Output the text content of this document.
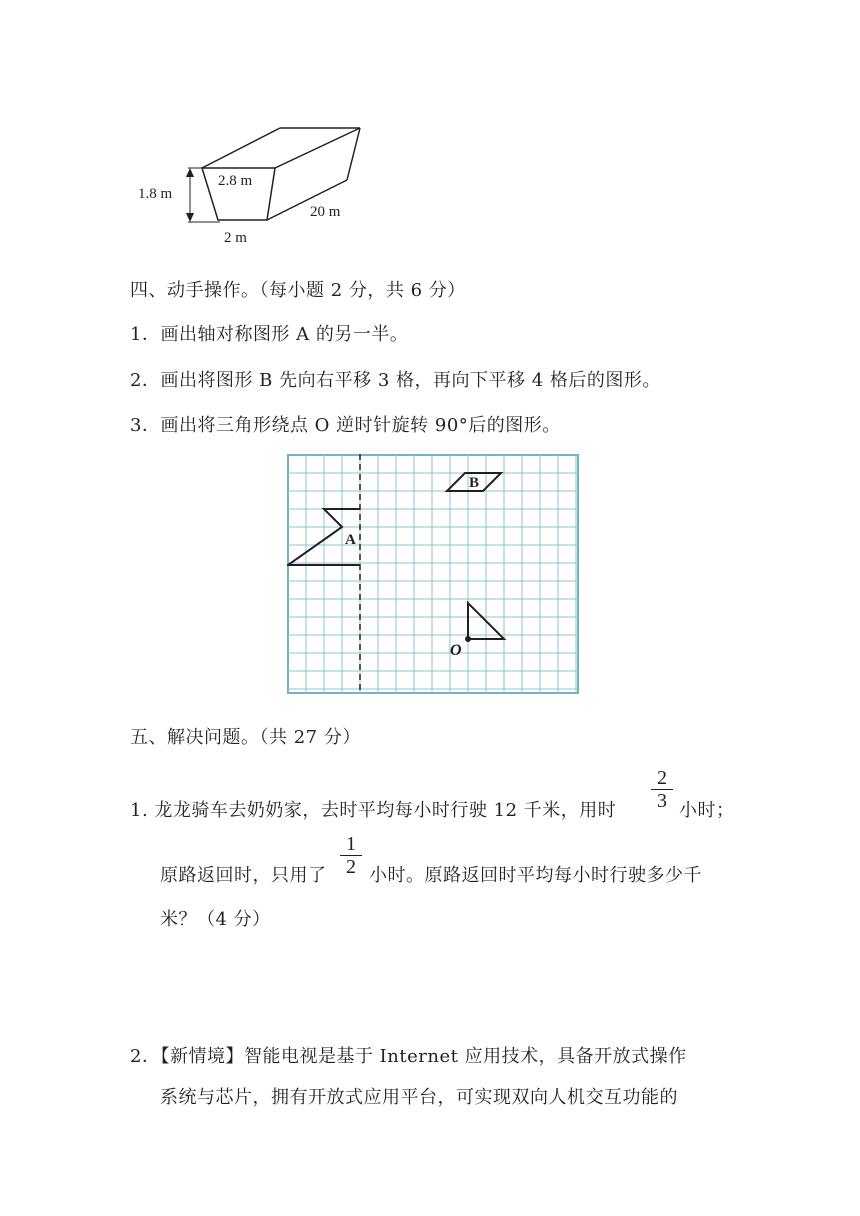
1.8 m
2.8 m
20 m
2 m
四、动手操作。（每小题 2 分，共 6 分）
1．画出轴对称图形 A 的另一半。
2．画出将图形 B 先向右平移 3 格，再向下平移 4 格后的图形。
3．画出将三角形绕点 O 逆时针旋转 90°后的图形。
A
B
O
五、解决问题。（共 27 分）
1. 龙龙骑车去奶奶家，去时平均每小时行驶 12 千米，用时
2
3 小时；
原路返回时，只用了
1
2 小时。原路返回时平均每小时行驶多少千
米？（4 分）
2．【新情境】智能电视是基于 Internet 应用技术，具备开放式操作
系统与芯片，拥有开放式应用平台，可实现双向人机交互功能的
